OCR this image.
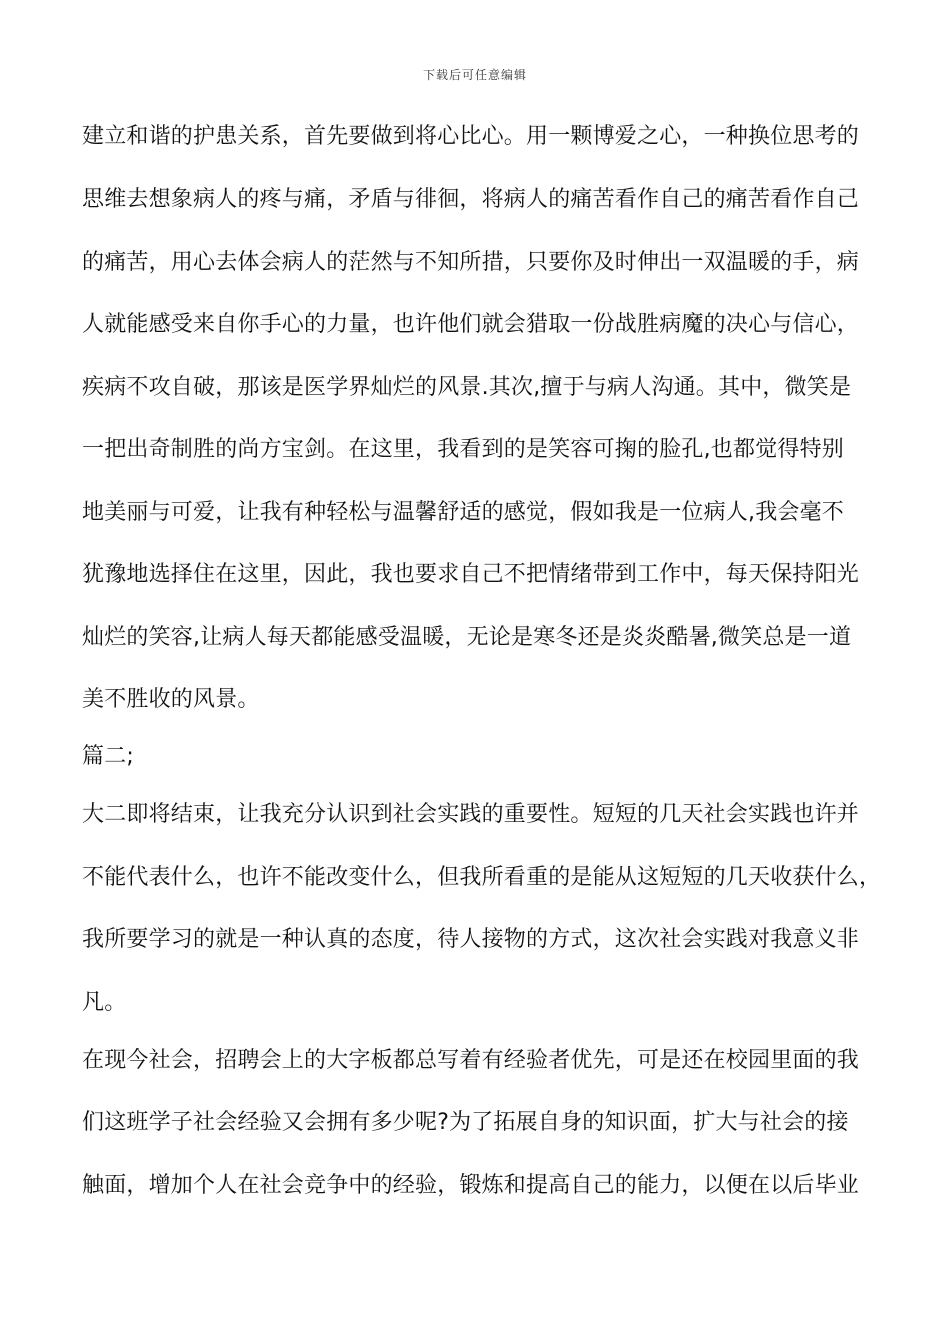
下载后可任意编辑
建立和谐的护患关系，首先要做到将心比心。用一颗博爱之心，一种换位思考的
思维去想象病人的疼与痛，矛盾与徘徊，将病人的痛苦看作自己的痛苦看作自己
的痛苦，用心去体会病人的茫然与不知所措，只要你及时伸出一双温暖的手，病
人就能感受来自你手心的力量，也许他们就会猎取一份战胜病魔的决心与信心，
疾病不攻自破，那该是医学界灿烂的风景.其次,擅于与病人沟通。其中，微笑是
一把出奇制胜的尚方宝剑。在这里，我看到的是笑容可掬的脸孔,也都觉得特别
地美丽与可爱，让我有种轻松与温馨舒适的感觉，假如我是一位病人,我会毫不
犹豫地选择住在这里，因此，我也要求自己不把情绪带到工作中，每天保持阳光
灿烂的笑容,让病人每天都能感受温暖，无论是寒冬还是炎炎酷暑,微笑总是一道
美不胜收的风景。
篇二;
大二即将结束，让我充分认识到社会实践的重要性。短短的几天社会实践也许并
不能代表什么，也许不能改变什么，但我所看重的是能从这短短的几天收获什么，
我所要学习的就是一种认真的态度，待人接物的方式，这次社会实践对我意义非
凡。
在现今社会，招聘会上的大字板都总写着有经验者优先，可是还在校园里面的我
们这班学子社会经验又会拥有多少呢?为了拓展自身的知识面，扩大与社会的接
触面，增加个人在社会竞争中的经验，锻炼和提高自己的能力，以便在以后毕业
